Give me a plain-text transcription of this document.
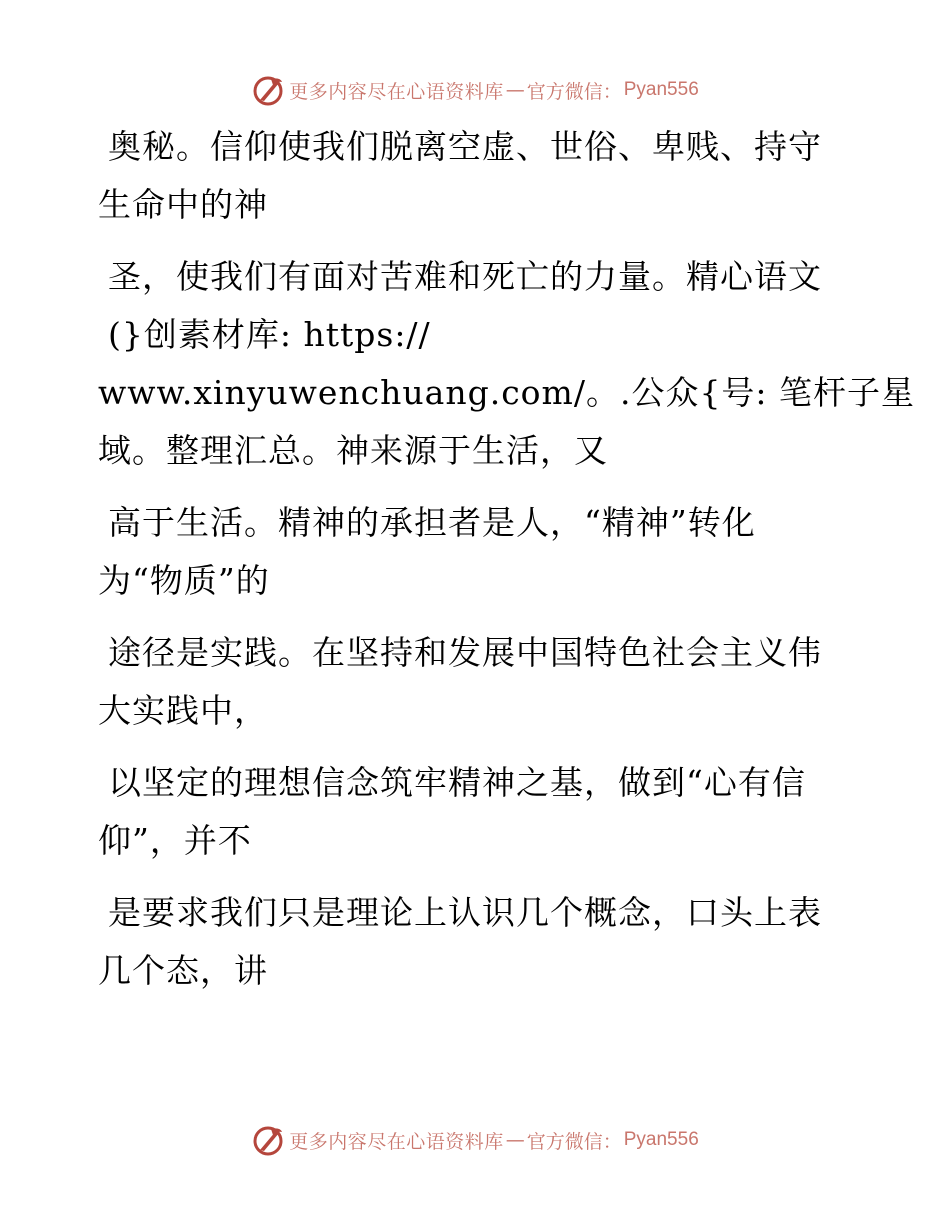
更多内容尽在心语资料库 — 官方微信： Pyan556
奥秘。信仰使我们脱离空虚、世俗、卑贱、持守
生命中的神
圣，使我们有面对苦难和死亡的力量。精心语文
(}创素材库: https://
www.xinyuwenchuang.com/。.公众{号: 笔杆子星
域。整理汇总。神来源于生活，又
高于生活。精神的承担者是人，“精神”转化
为“物质”的
途径是实践。在坚持和发展中国特色社会主义伟
大实践中，
以坚定的理想信念筑牢精神之基，做到“心有信
仰”，并不
是要求我们只是理论上认识几个概念，口头上表
几个态，讲
更多内容尽在心语资料库 — 官方微信： Pyan556
